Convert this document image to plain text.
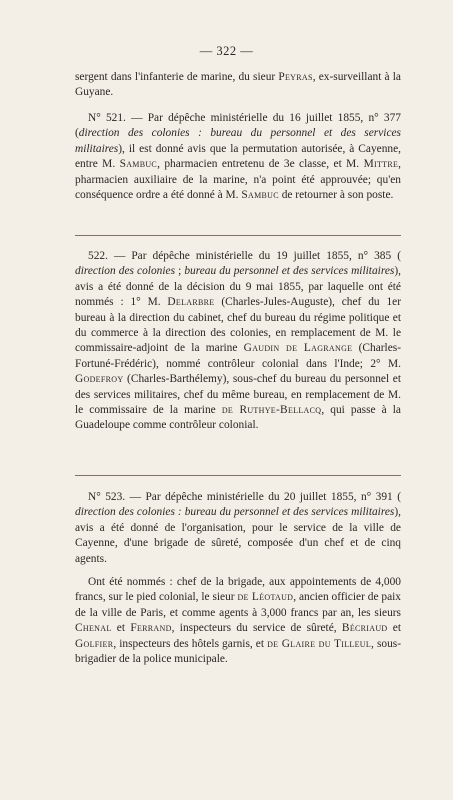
— 322 —

sergent dans l'infanterie de marine, du sieur Peyras, ex-surveillant à la Guyane.

N° 521. — Par dépêche ministérielle du 16 juillet 1855, n° 377 (direction des colonies : bureau du personnel et des services militaires), il est donné avis que la permutation autorisée, à Cayenne, entre M. Sambuc, pharmacien entretenu de 3e classe, et M. Mittre, pharmacien auxiliaire de la marine, n'a point été approuvée; qu'en conséquence ordre a été donné à M. Sambuc de retourner à son poste.

522. — Par dépêche ministérielle du 19 juillet 1855, n° 385 ( direction des colonies ; bureau du personnel et des services militaires), avis a été donné de la décision du 9 mai 1855, par laquelle ont été nommés : 1° M. Delarbre (Charles-Jules-Auguste), chef du 1er bureau à la direction du cabinet, chef du bureau du régime politique et du commerce à la direction des colonies, en remplacement de M. le commissaire-adjoint de la marine Gaudin de Lagrange (Charles-Fortuné-Frédéric), nommé contrôleur colonial dans l'Inde; 2° M. Godefroy (Charles-Barthélemy), sous-chef du bureau du personnel et des services militaires, chef du même bureau, en remplacement de M. le commissaire de la marine de Ruthye-Bellacq, qui passe à la Guadeloupe comme contrôleur colonial.

N° 523. — Par dépêche ministérielle du 20 juillet 1855, n° 391 ( direction des colonies : bureau du personnel et des services militaires), avis a été donné de l'organisation, pour le service de la ville de Cayenne, d'une brigade de sûreté, composée d'un chef et de cinq agents.

Ont été nommés : chef de la brigade, aux appointements de 4,000 francs, sur le pied colonial, le sieur de Léotaud, ancien officier de paix de la ville de Paris, et comme agents à 3,000 francs par an, les sieurs Chenal et Ferrand, inspecteurs du service de sûreté, Bécriaud et Golfier, inspecteurs des hôtels garnis, et de Glaire du Tilleul, sous-brigadier de la police municipale.
